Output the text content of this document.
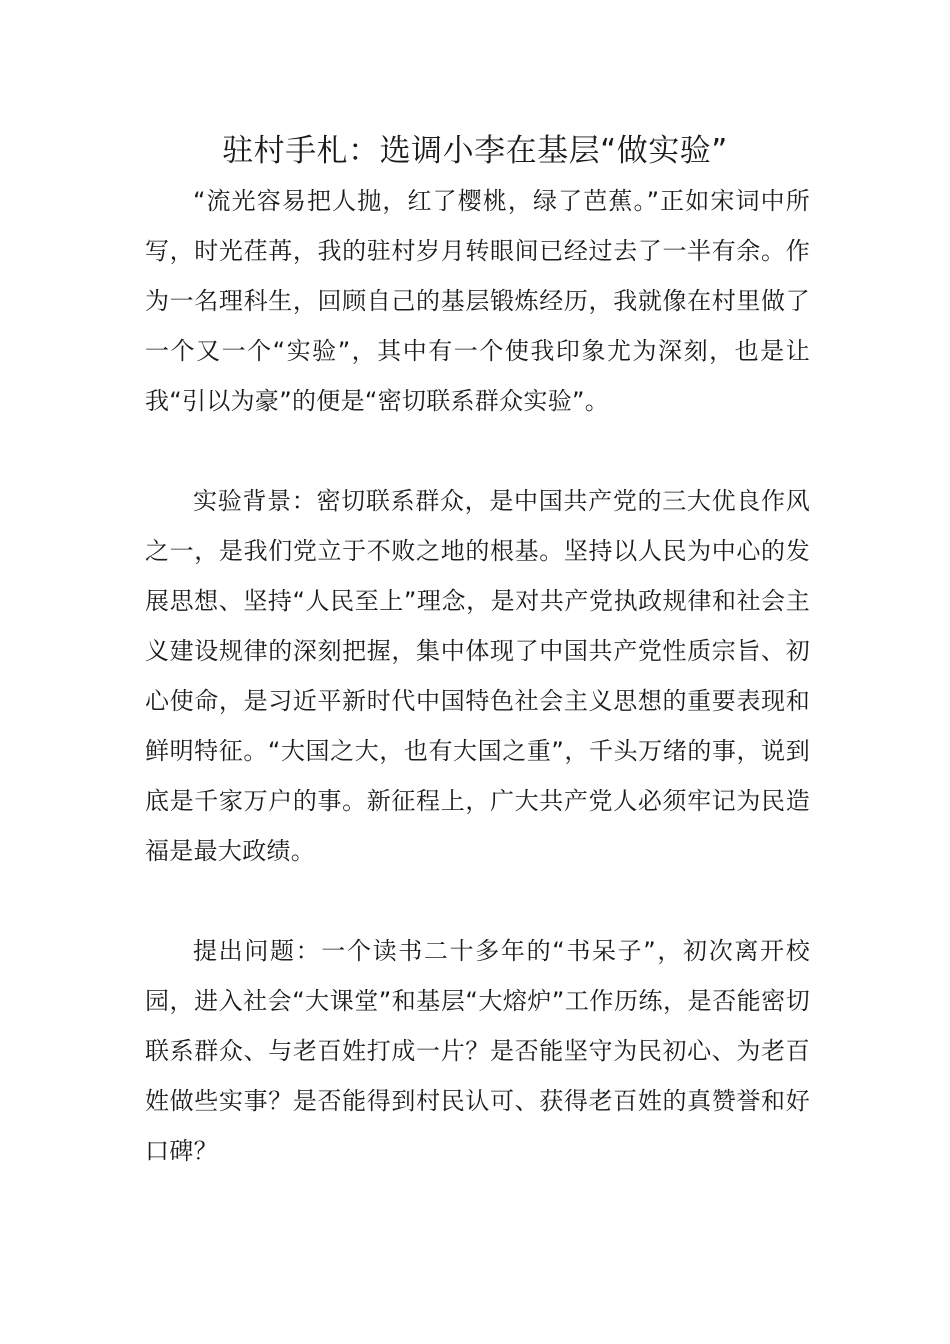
驻村手札：选调小李在基层“做实验”

“流光容易把人抛，红了樱桃，绿了芭蕉。”正如宋词中所写，时光荏苒，我的驻村岁月转眼间已经过去了一半有余。作为一名理科生，回顾自己的基层锻炼经历，我就像在村里做了一个又一个“实验”，其中有一个使我印象尤为深刻，也是让我“引以为豪”的便是“密切联系群众实验”。

实验背景：密切联系群众，是中国共产党的三大优良作风之一，是我们党立于不败之地的根基。坚持以人民为中心的发展思想、坚持“人民至上”理念，是对共产党执政规律和社会主义建设规律的深刻把握，集中体现了中国共产党性质宗旨、初心使命，是习近平新时代中国特色社会主义思想的重要表现和鲜明特征。“大国之大，也有大国之重”，千头万绪的事，说到底是千家万户的事。新征程上，广大共产党人必须牢记为民造福是最大政绩。

提出问题：一个读书二十多年的“书呆子”，初次离开校园，进入社会“大课堂”和基层“大熔炉”工作历练，是否能密切联系群众、与老百姓打成一片？是否能坚守为民初心、为老百姓做些实事？是否能得到村民认可、获得老百姓的真赞誉和好口碑？
